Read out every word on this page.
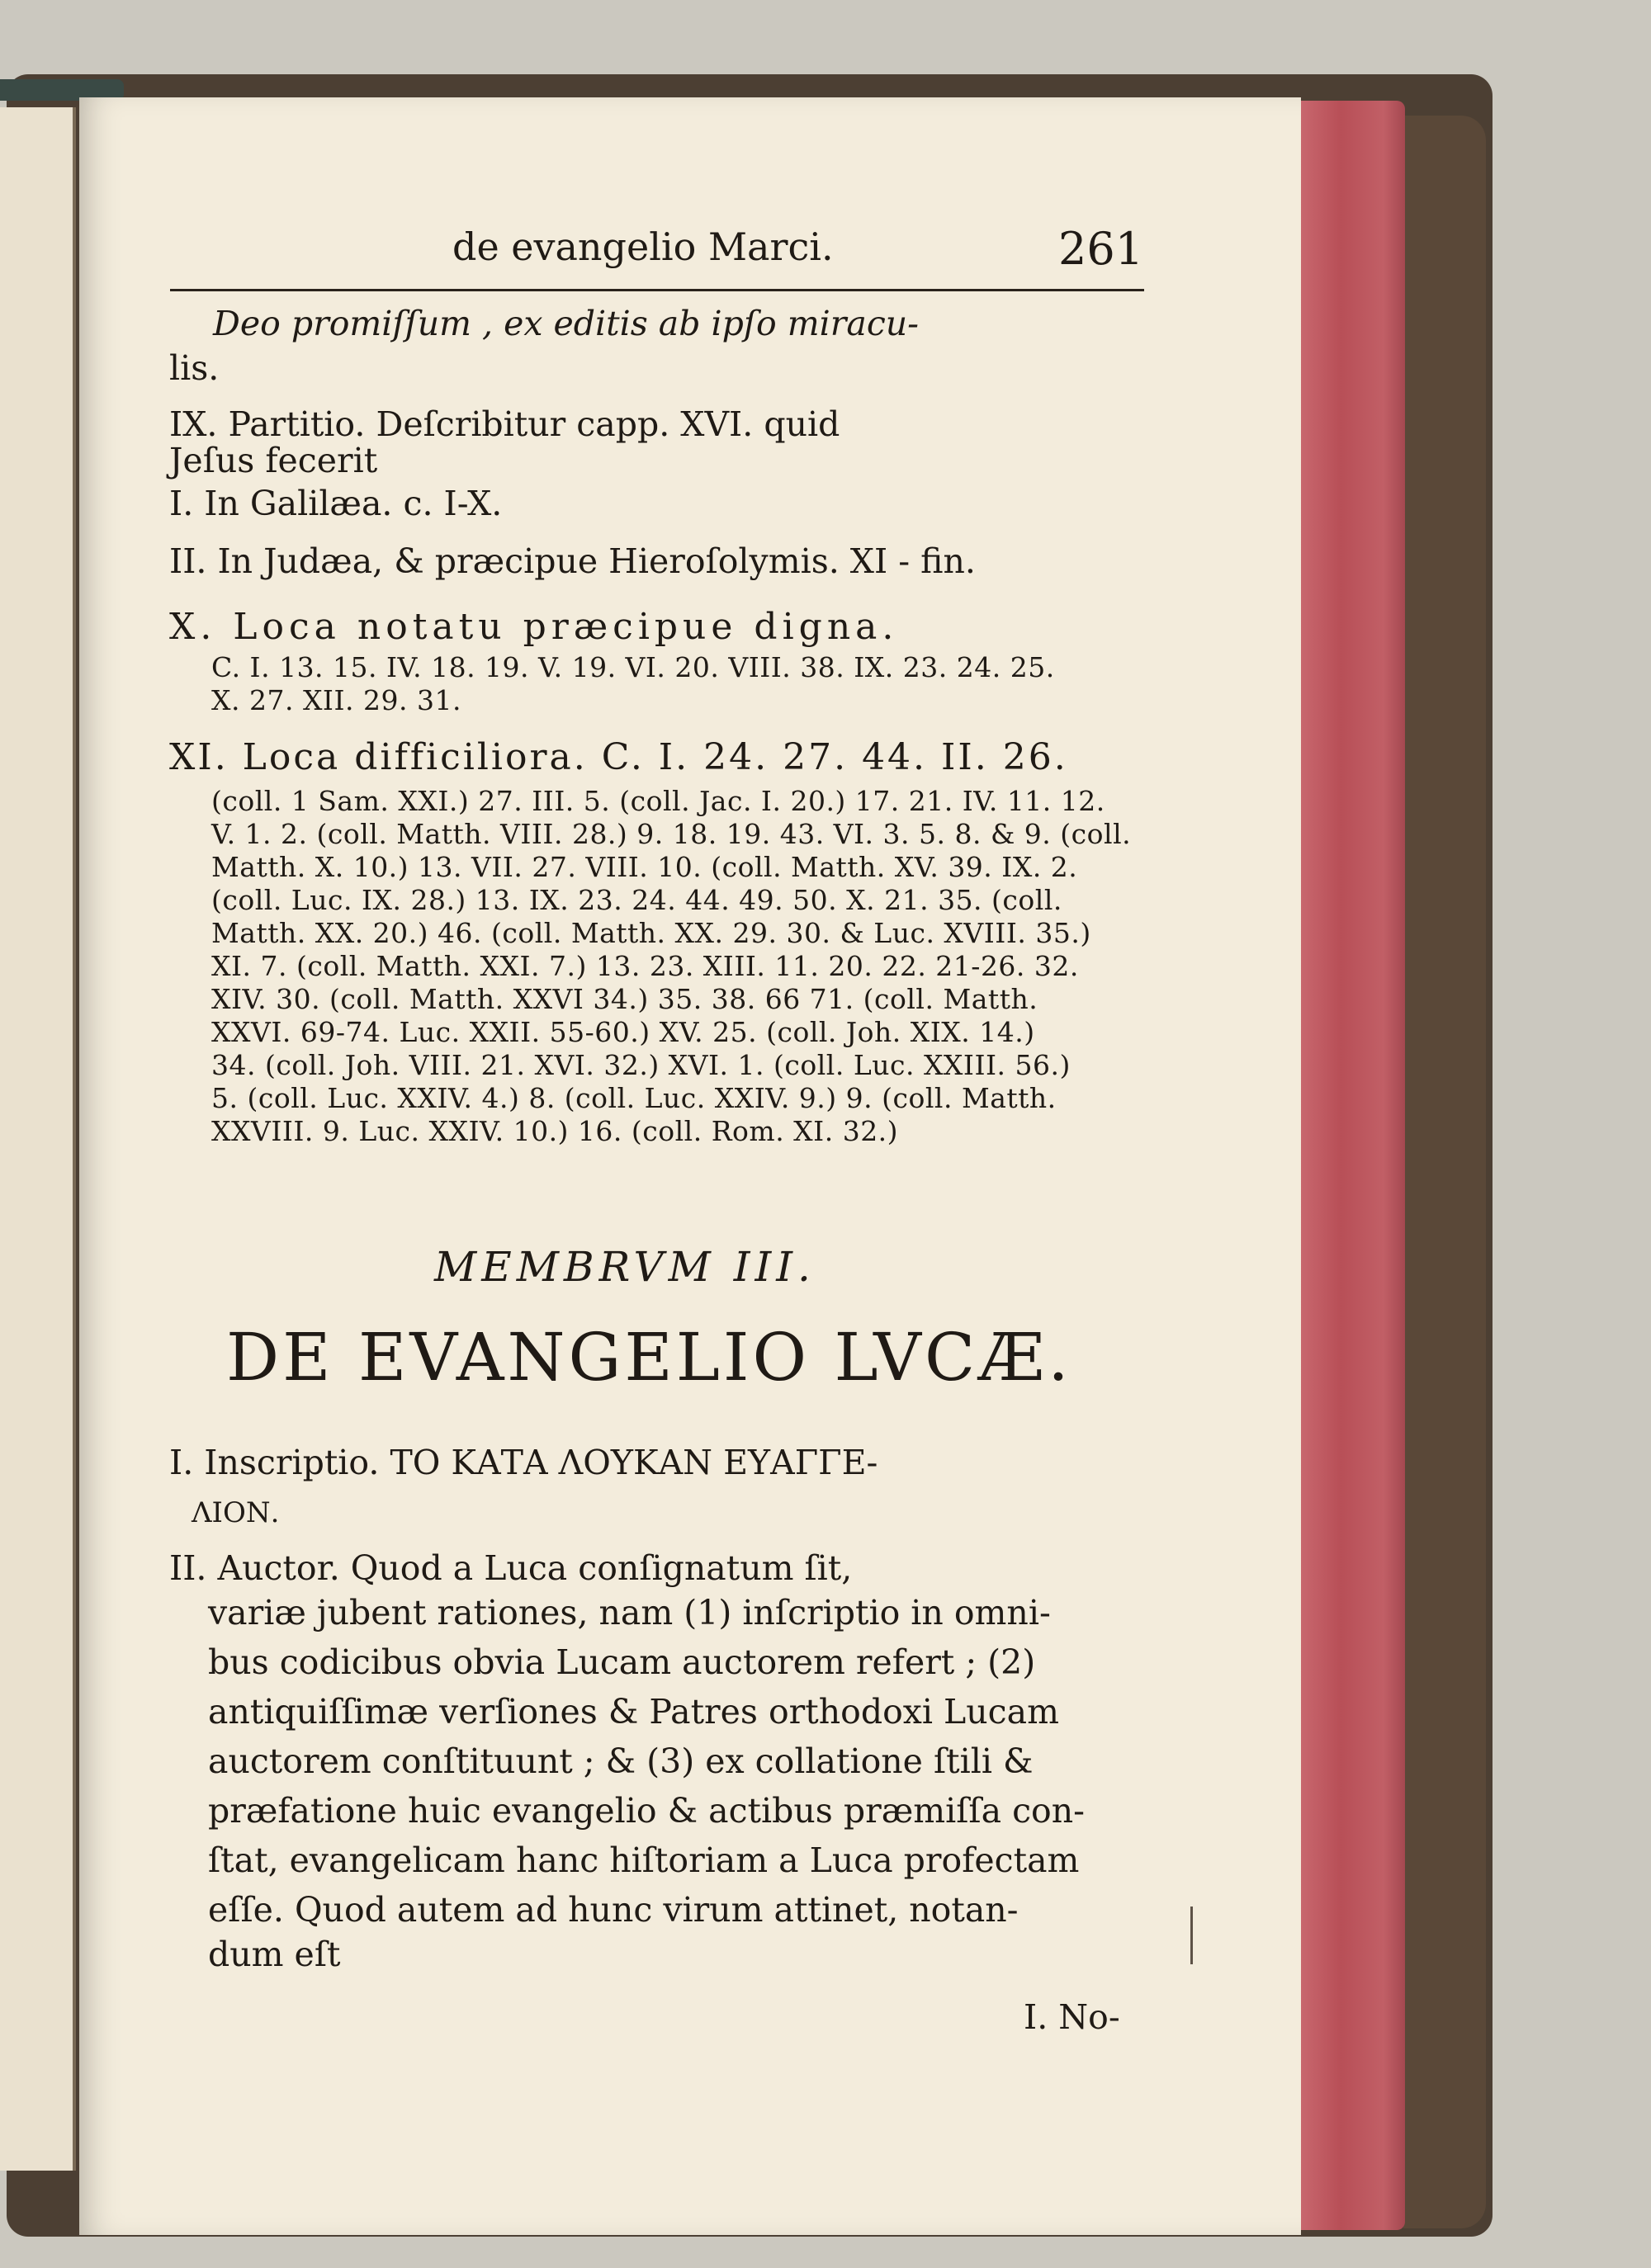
de evangelio Marci.	261
Deo promiſſum , ex editis ab ipſo miracu-
lis.
IX. Partitio. Deſcribitur capp. XVI. quid
Jeſus fecerit
I. In Galilæa. c. I-X.
II. In Judæa, & præcipue Hieroſolymis. XI - fin.
X. Loca notatu præcipue digna.
C. I. 13. 15. IV. 18. 19. V. 19. VI. 20. VIII. 38. IX. 23. 24. 25.
X. 27. XII. 29. 31.
XI. Loca difficiliora. C. I. 24. 27. 44. II. 26.
(coll. 1 Sam. XXI.) 27. III. 5. (coll. Jac. I. 20.) 17. 21. IV. 11. 12.
V. 1. 2. (coll. Matth. VIII. 28.) 9. 18. 19. 43. VI. 3. 5. 8. & 9. (coll.
Matth. X. 10.) 13. VII. 27. VIII. 10. (coll. Matth. XV. 39. IX. 2.
(coll. Luc. IX. 28.) 13. IX. 23. 24. 44. 49. 50. X. 21. 35. (coll.
Matth. XX. 20.) 46. (coll. Matth. XX. 29. 30. & Luc. XVIII. 35.)
XI. 7. (coll. Matth. XXI. 7.) 13. 23. XIII. 11. 20. 22. 21-26. 32.
XIV. 30. (coll. Matth. XXVI 34.) 35. 38. 66 71. (coll. Matth.
XXVI. 69-74. Luc. XXII. 55-60.) XV. 25. (coll. Joh. XIX. 14.)
34. (coll. Joh. VIII. 21. XVI. 32.) XVI. 1. (coll. Luc. XXIII. 56.)
5. (coll. Luc. XXIV. 4.) 8. (coll. Luc. XXIV. 9.) 9. (coll. Matth.
XXVIII. 9. Luc. XXIV. 10.) 16. (coll. Rom. XI. 32.)
MEMBRVM III.
DE EVANGELIO LVCÆ.
I. Inscriptio. ΤΟ ΚΑΤΑ ΛΟΥΚΑΝ ΕΥΑΓΓΕ-
ΛΙΟΝ.
II. Auctor. Quod a Luca conſignatum ſit,
variæ jubent rationes, nam (1) inſcriptio in omni-
bus codicibus obvia Lucam auctorem refert ; (2)
antiquiſſimæ verſiones & Patres orthodoxi Lucam
auctorem conſtituunt ; & (3) ex collatione ſtili &
præfatione huic evangelio & actibus præmiſſa con-
ſtat, evangelicam hanc hiſtoriam a Luca profectam
eſſe. Quod autem ad hunc virum attinet, notan-
dum eſt
I. No-
